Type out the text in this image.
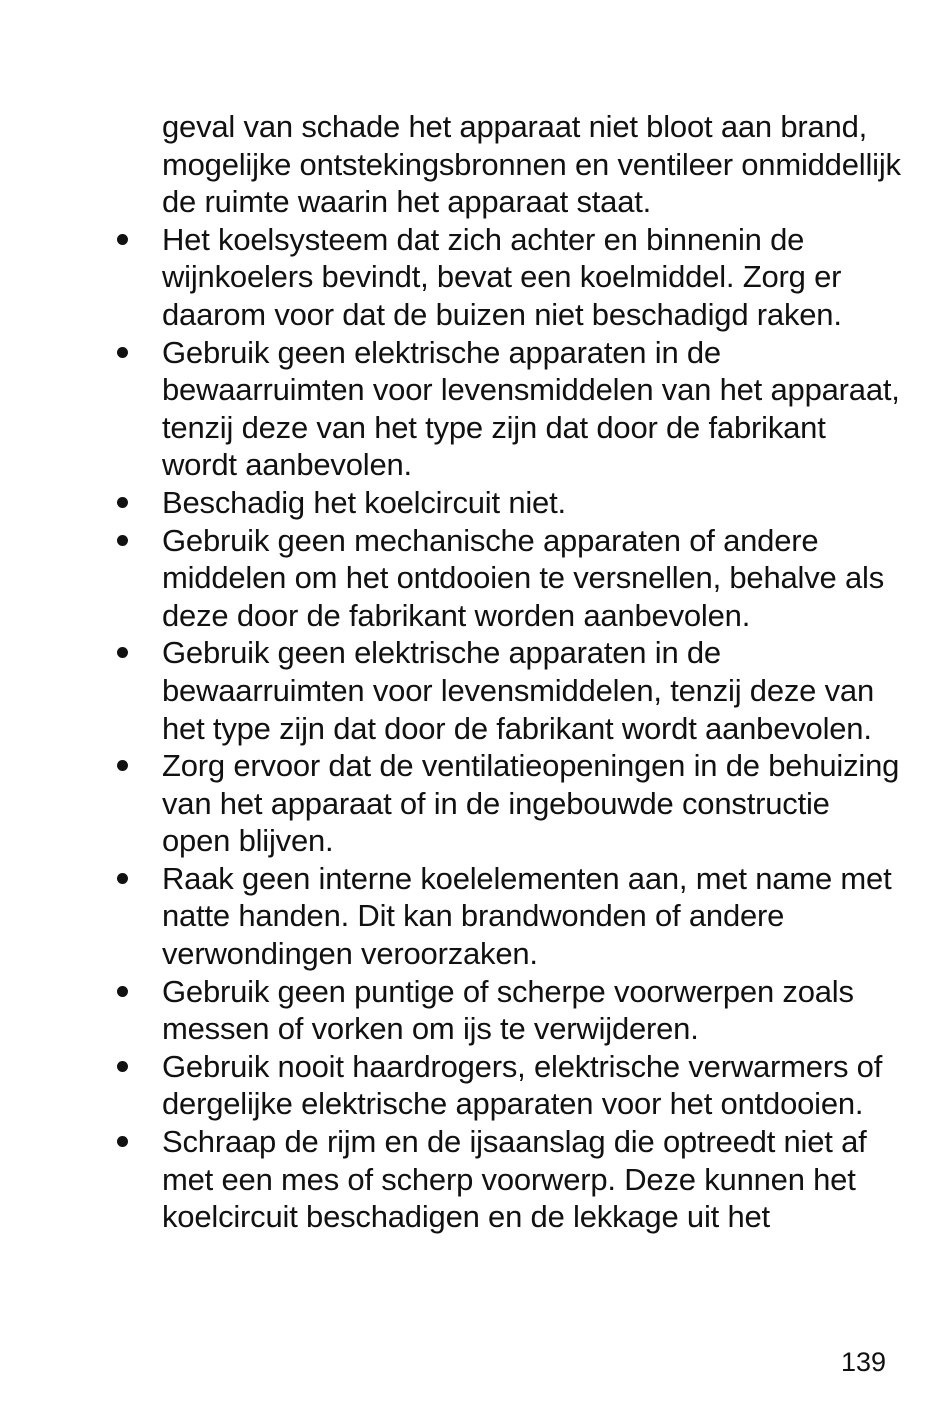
geval van schade het apparaat niet bloot aan brand, mogelijke ontstekingsbronnen en ventileer onmiddellijk de ruimte waarin het apparaat staat.

Het koelsysteem dat zich achter en binnenin de wijnkoelers bevindt, bevat een koelmiddel. Zorg er daarom voor dat de buizen niet beschadigd raken.
Gebruik geen elektrische apparaten in de bewaarruimten voor levensmiddelen van het apparaat, tenzij deze van het type zijn dat door de fabrikant wordt aanbevolen.
Beschadig het koelcircuit niet.
Gebruik geen mechanische apparaten of andere middelen om het ontdooien te versnellen, behalve als deze door de fabrikant worden aanbevolen.
Gebruik geen elektrische apparaten in de bewaarruimten voor levensmiddelen, tenzij deze van het type zijn dat door de fabrikant wordt aanbevolen.
Zorg ervoor dat de ventilatieopeningen in de behuizing van het apparaat of in de ingebouwde constructie open blijven.
Raak geen interne koelelementen aan, met name met natte handen. Dit kan brandwonden of andere verwondingen veroorzaken.
Gebruik geen puntige of scherpe voorwerpen zoals messen of vorken om ijs te verwijderen.
Gebruik nooit haardrogers, elektrische verwarmers of dergelijke elektrische apparaten voor het ontdooien.
Schraap de rijm en de ijsaanslag die optreedt niet af met een mes of scherp voorwerp. Deze kunnen het koelcircuit beschadigen en de lekkage uit het
139
